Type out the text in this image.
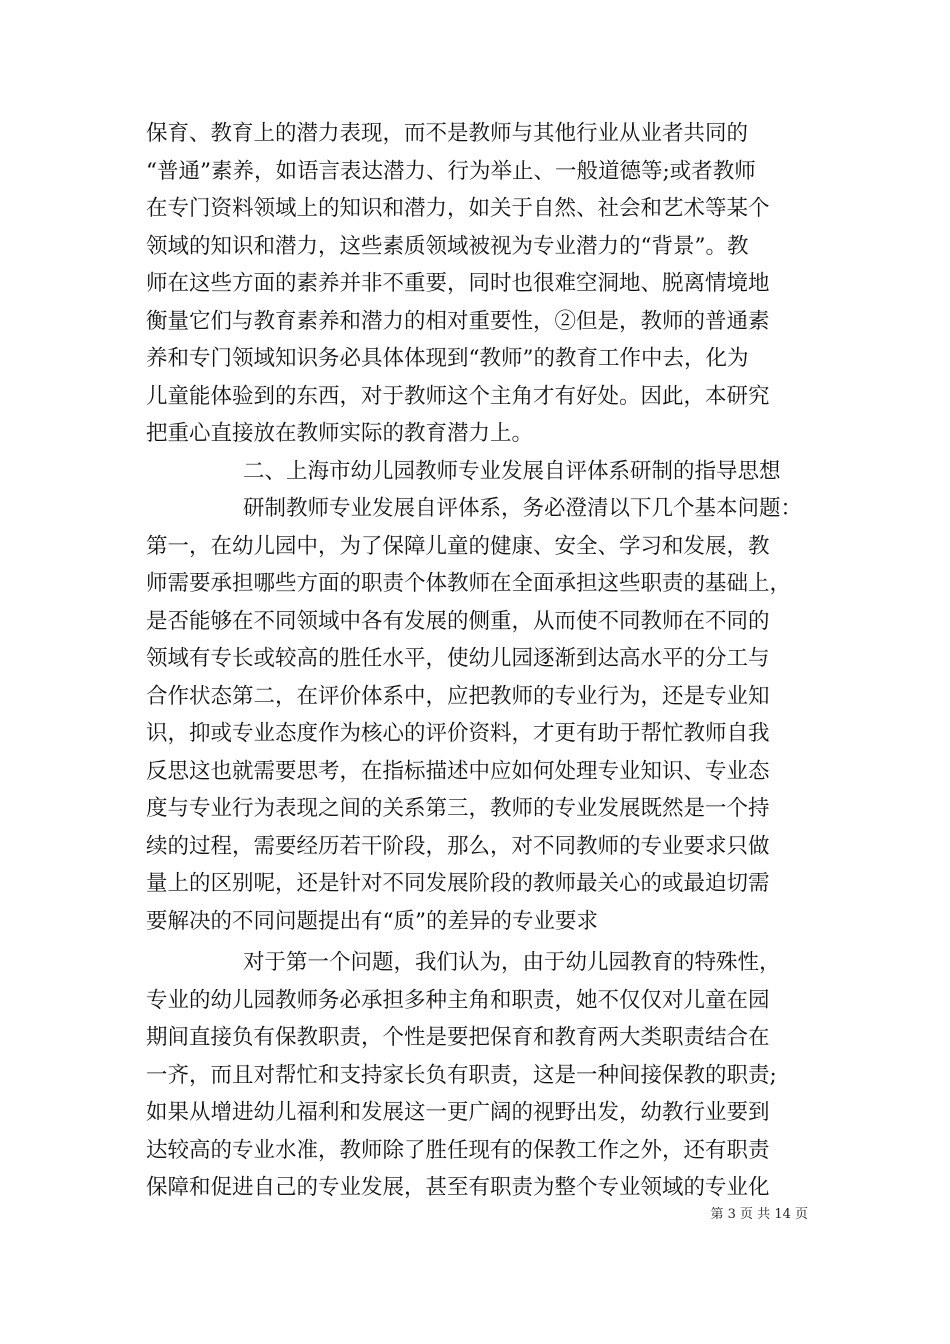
保育、教育上的潜力表现，而不是教师与其他行业从业者共同的
“普通”素养，如语言表达潜力、行为举止、一般道德等;或者教师
在专门资料领域上的知识和潜力，如关于自然、社会和艺术等某个
领域的知识和潜力，这些素质领域被视为专业潜力的“背景”。教
师在这些方面的素养并非不重要，同时也很难空洞地、脱离情境地
衡量它们与教育素养和潜力的相对重要性，②但是，教师的普通素
养和专门领域知识务必具体体现到“教师”的教育工作中去，化为
儿童能体验到的东西，对于教师这个主角才有好处。因此，本研究
把重心直接放在教师实际的教育潜力上。
二、上海市幼儿园教师专业发展自评体系研制的指导思想
研制教师专业发展自评体系，务必澄清以下几个基本问题：
第一，在幼儿园中，为了保障儿童的健康、安全、学习和发展，教
师需要承担哪些方面的职责个体教师在全面承担这些职责的基础上，
是否能够在不同领域中各有发展的侧重，从而使不同教师在不同的
领域有专长或较高的胜任水平，使幼儿园逐渐到达高水平的分工与
合作状态第二，在评价体系中，应把教师的专业行为，还是专业知
识，抑或专业态度作为核心的评价资料，才更有助于帮忙教师自我
反思这也就需要思考，在指标描述中应如何处理专业知识、专业态
度与专业行为表现之间的关系第三，教师的专业发展既然是一个持
续的过程，需要经历若干阶段，那么，对不同教师的专业要求只做
量上的区别呢，还是针对不同发展阶段的教师最关心的或最迫切需
要解决的不同问题提出有“质”的差异的专业要求
对于第一个问题，我们认为，由于幼儿园教育的特殊性，
专业的幼儿园教师务必承担多种主角和职责，她不仅仅对儿童在园
期间直接负有保教职责，个性是要把保育和教育两大类职责结合在
一齐，而且对帮忙和支持家长负有职责，这是一种间接保教的职责;
如果从增进幼儿福利和发展这一更广阔的视野出发，幼教行业要到
达较高的专业水准，教师除了胜任现有的保教工作之外，还有职责
保障和促进自己的专业发展，甚至有职责为整个专业领域的专业化
第 3 页 共 14 页
